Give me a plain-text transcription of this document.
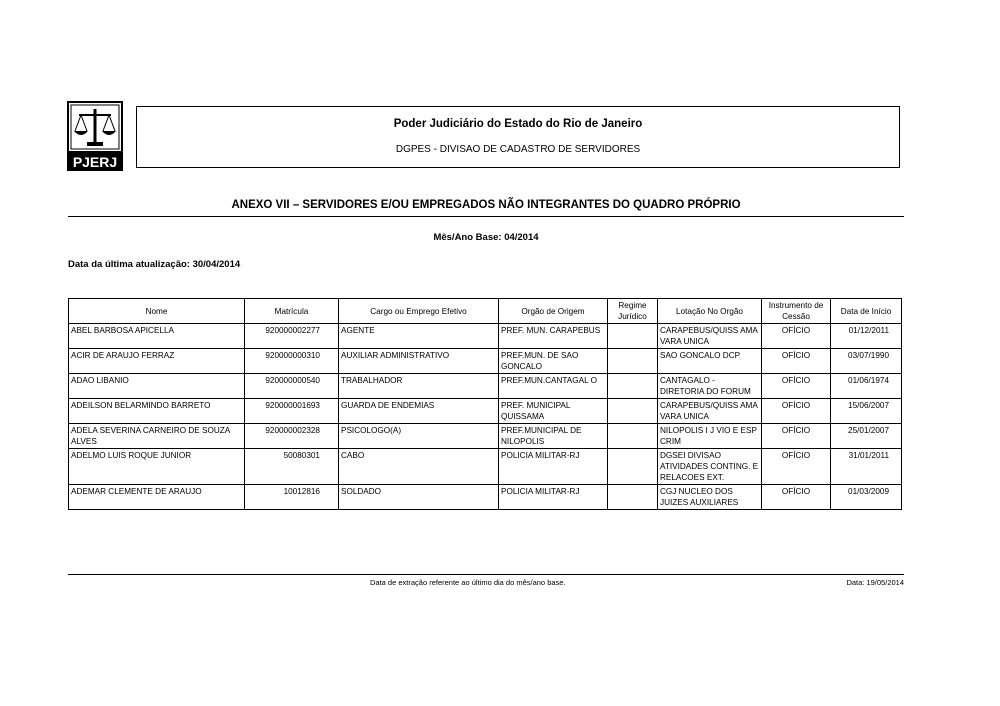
PJERJ
Poder Judiciário do Estado do Rio de Janeiro
DGPES - DIVISAO DE CADASTRO DE SERVIDORES
ANEXO VII – SERVIDORES E/OU EMPREGADOS NÃO INTEGRANTES DO QUADRO PRÓPRIO
Mês/Ano Base: 04/2014
Data da última atualização: 30/04/2014
Nome	Matrícula	Cargo ou Emprego Efetivo	Orgão de Origem	Regime Jurídico	Lotação No Orgão	Instrumento de Cessão	Data de Início
ABEL BARBOSA APICELLA	920000002277	AGENTE	PREF. MUN. CARAPEBUS		CARAPEBUS/QUISS AMA VARA UNICA	OFÍCIO	01/12/2011
ACIR DE ARAUJO FERRAZ	920000000310	AUXILIAR ADMINISTRATIVO	PREF.MUN. DE SAO GONCALO		SAO GONCALO DCP	OFÍCIO	03/07/1990
ADAO LIBANIO	920000000540	TRABALHADOR	PREF.MUN.CANTAGAL O		CANTAGALO - DIRETORIA DO FORUM	OFÍCIO	01/06/1974
ADEILSON BELARMINDO BARRETO	920000001693	GUARDA DE ENDEMIAS	PREF. MUNICIPAL QUISSAMA		CARAPEBUS/QUISS AMA VARA UNICA	OFÍCIO	15/06/2007
ADELA SEVERINA CARNEIRO DE SOUZA ALVES	920000002328	PSICOLOGO(A)	PREF.MUNICIPAL DE NILOPOLIS		NILOPOLIS I J VIO E ESP CRIM	OFÍCIO	25/01/2007
ADELMO LUIS ROQUE JUNIOR	50080301	CABO	POLICIA MILITAR-RJ		DGSEI DIVISAO ATIVIDADES CONTING. E RELACOES EXT.	OFÍCIO	31/01/2011
ADEMAR CLEMENTE DE ARAUJO	10012816	SOLDADO	POLICIA MILITAR-RJ		CGJ NUCLEO DOS JUIZES AUXILIARES	OFÍCIO	01/03/2009
Data de extração referente ao último dia do mês/ano base.	Data: 19/05/2014
